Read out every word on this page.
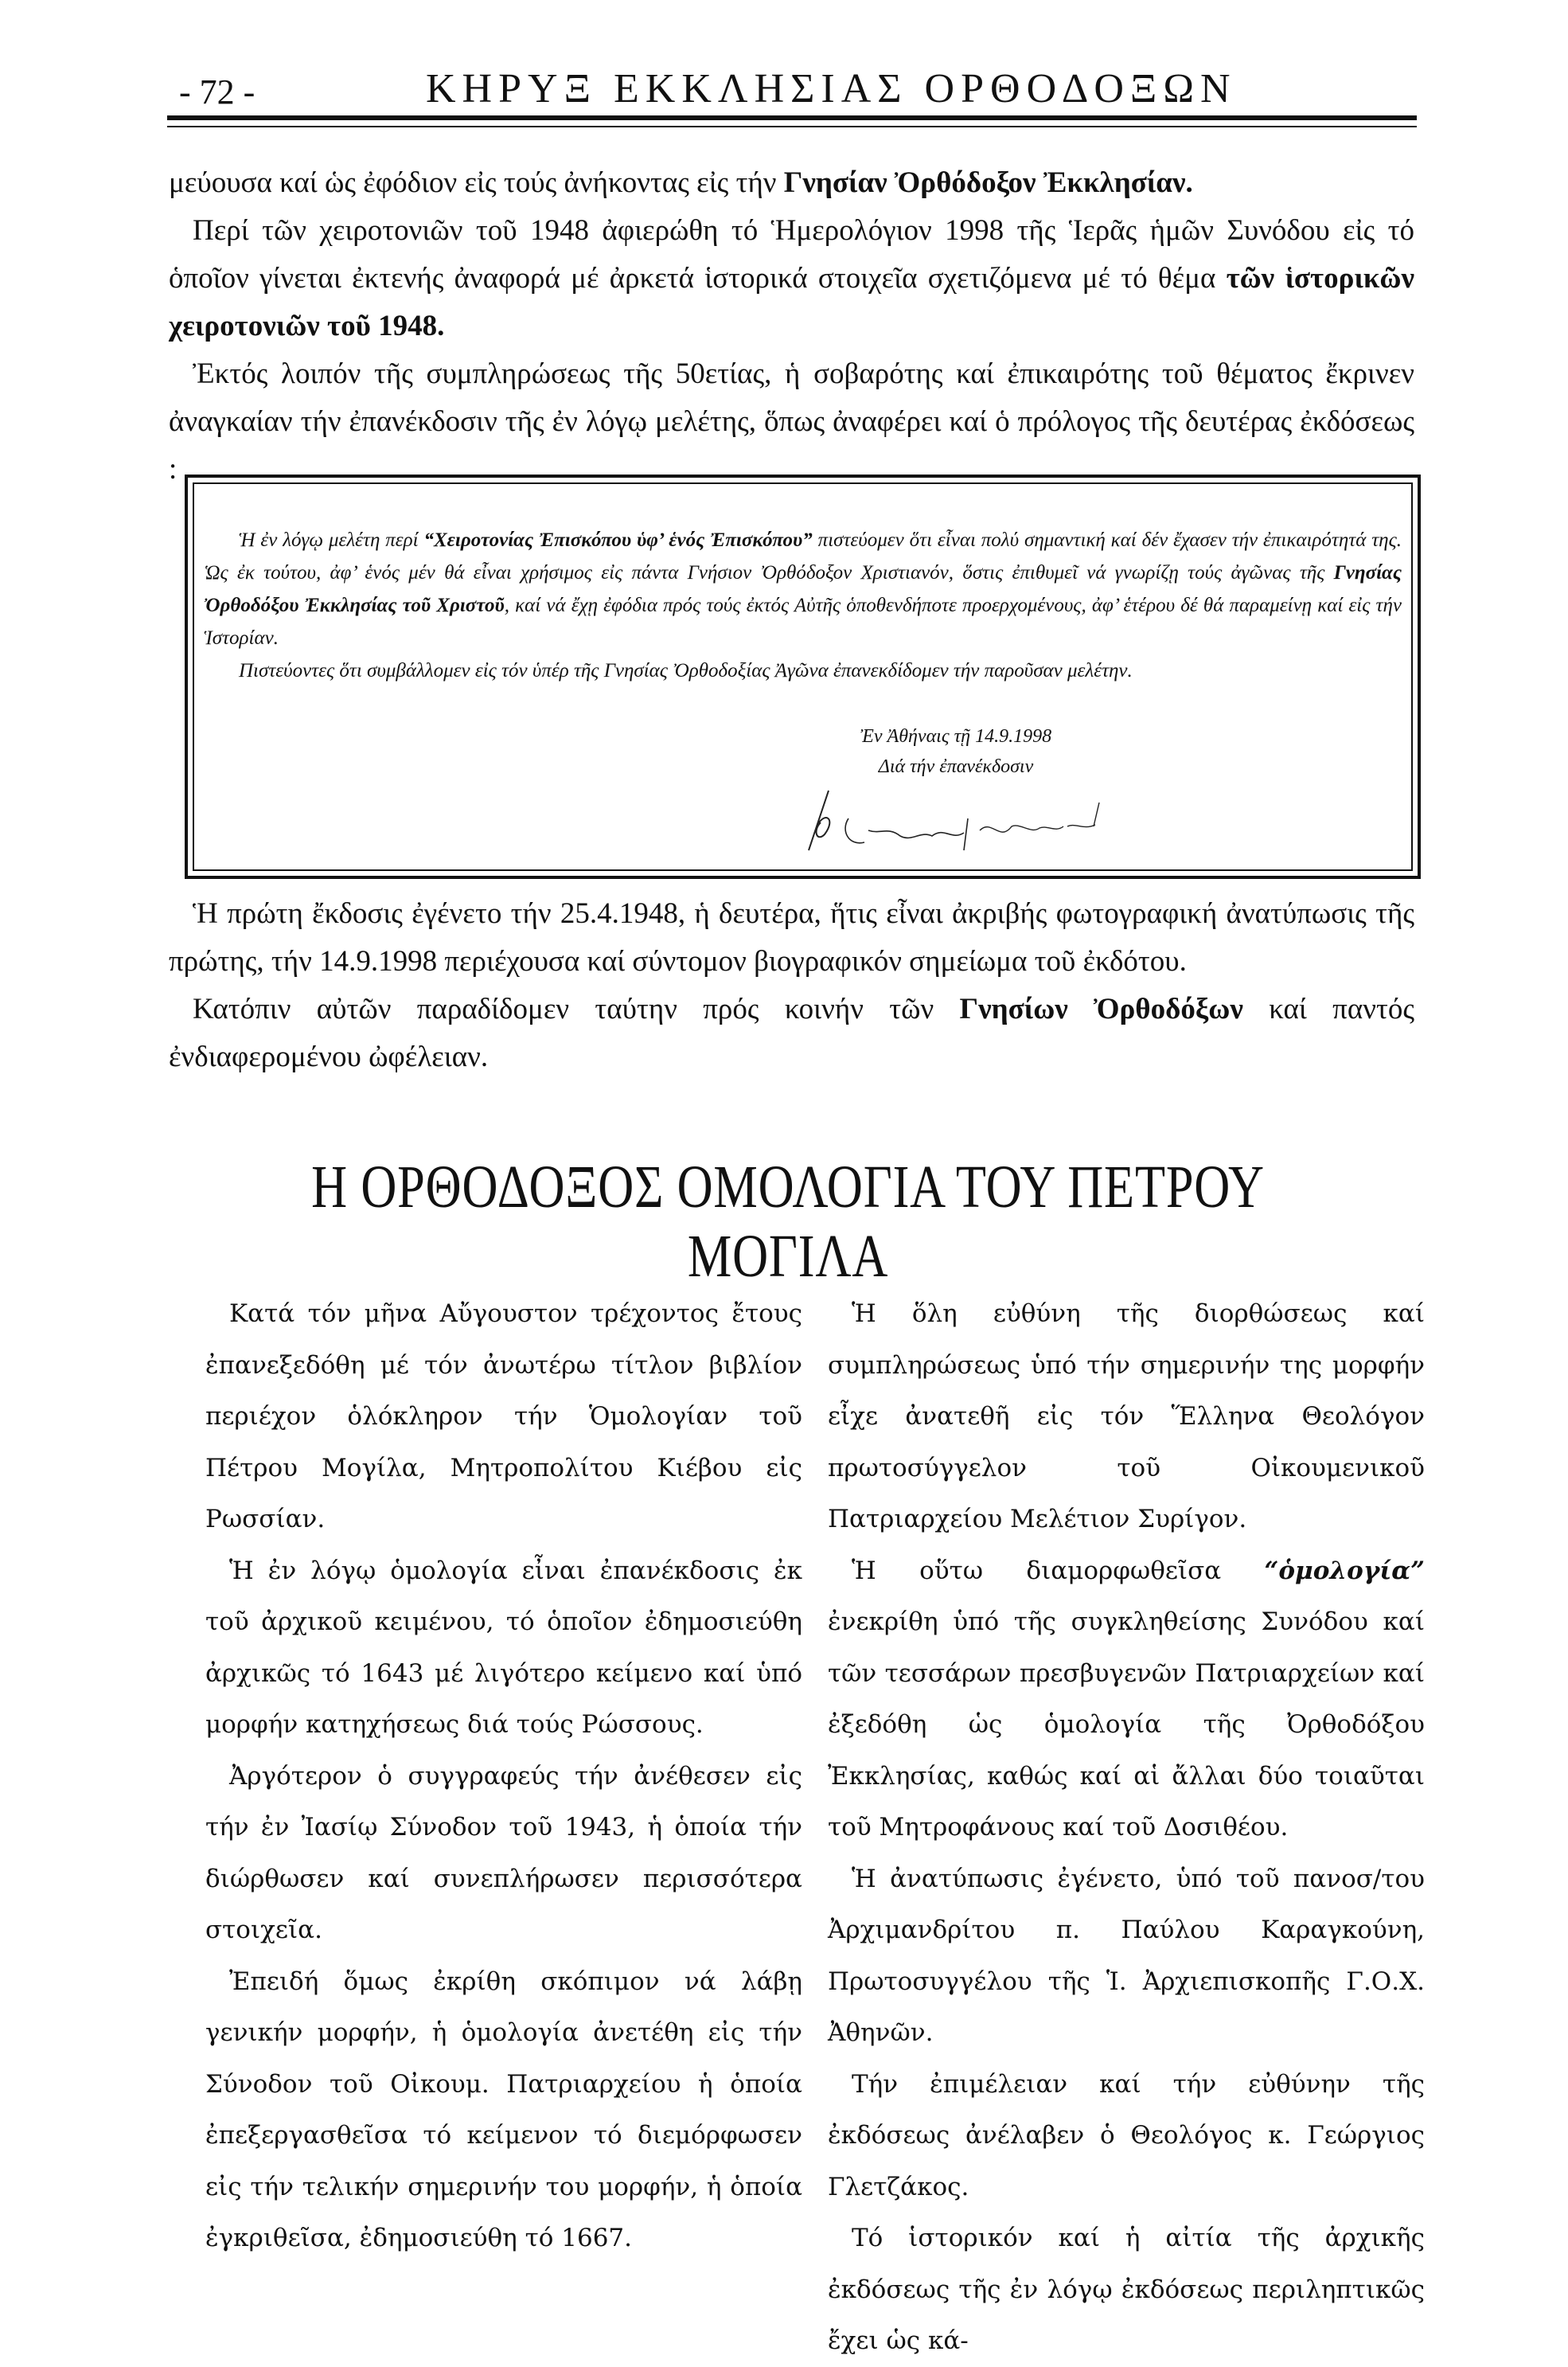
- 72 -	ΚΗΡΥΞ ΕΚΚΛΗΣΙΑΣ ΟΡΘΟΔΟΞΩΝ

μεύουσα καί ὡς ἐφόδιον εἰς τούς ἀνήκοντας εἰς τήν Γνησίαν Ὀρθόδοξον Ἐκκλησίαν.

Περί τῶν χειροτονιῶν τοῦ 1948 ἀφιερώθη τό Ἡμερολόγιον 1998 τῆς Ἱερᾶς ἡμῶν Συνόδου εἰς τό ὁποῖον γίνεται ἐκτενής ἀναφορά μέ ἀρκετά ἱστορικά στοιχεῖα σχετιζόμενα μέ τό θέμα τῶν ἱστορικῶν χειροτονιῶν τοῦ 1948.

Ἐκτός λοιπόν τῆς συμπληρώσεως τῆς 50ετίας, ἡ σοβαρότης καί ἐπικαιρότης τοῦ θέματος ἔκρινεν ἀναγκαίαν τήν ἐπανέκδοσιν τῆς ἐν λόγῳ μελέτης, ὅπως ἀναφέρει καί ὁ πρόλογος τῆς δευτέρας ἐκδόσεως :

Ἡ ἐν λόγῳ μελέτη περί “Χειροτονίας Ἐπισκόπου ὑφ’ ἑνός Ἐπισκόπου” πιστεύομεν ὅτι εἶναι πολύ σημαντική καί δέν ἔχασεν τήν ἐπικαιρότητά της. Ὡς ἐκ τούτου, ἀφ’ ἑνός μέν θά εἶναι χρήσιμος εἰς πάντα Γνήσιον Ὀρθόδοξον Χριστιανόν, ὅστις ἐπιθυμεῖ νά γνωρίζῃ τούς ἀγῶνας τῆς Γνησίας Ὀρθοδόξου Ἐκκλησίας τοῦ Χριστοῦ, καί νά ἔχῃ ἐφόδια πρός τούς ἐκτός Αὐτῆς ὁποθενδήποτε προερχομένους, ἀφ’ ἑτέρου δέ θά παραμείνῃ καί εἰς τήν Ἱστορίαν.

Πιστεύοντες ὅτι συμβάλλομεν εἰς τόν ὑπέρ τῆς Γνησίας Ὀρθοδοξίας Ἀγῶνα ἐπανεκδίδομεν τήν παροῦσαν μελέτην.

Ἐν Ἀθήναις τῇ 14.9.1998
Διά τήν ἐπανέκδοσιν

Ἡ πρώτη ἔκδοσις ἐγένετο τήν 25.4.1948, ἡ δευτέρα, ἥτις εἶναι ἀκριβής φωτογραφική ἀνατύπωσις τῆς πρώτης, τήν 14.9.1998 περιέχουσα καί σύντομον βιογραφικόν σημείωμα τοῦ ἐκδότου.

Κατόπιν αὐτῶν παραδίδομεν ταύτην πρός κοινήν τῶν Γνησίων Ὀρθοδόξων καί παντός ἐνδιαφερομένου ὠφέλειαν.

Η ΟΡΘΟΔΟΞΟΣ ΟΜΟΛΟΓΙΑ ΤΟΥ ΠΕΤΡΟΥ ΜΟΓΙΛΑ

Κατά τόν μῆνα Αὔγουστον τρέχοντος ἔτους ἐπανεξεδόθη μέ τόν ἀνωτέρω τίτλον βιβλίον περιέχον ὁλόκληρον τήν Ὁμολογίαν τοῦ Πέτρου Μογίλα, Μητροπολίτου Κιέβου εἰς Ρωσσίαν.

Ἡ ἐν λόγῳ ὁμολογία εἶναι ἐπανέκδοσις ἐκ τοῦ ἀρχικοῦ κειμένου, τό ὁποῖον ἐδημοσιεύθη ἀρχικῶς τό 1643 μέ λιγότερο κείμενο καί ὑπό μορφήν κατηχήσεως διά τούς Ρώσσους.

Ἀργότερον ὁ συγγραφεύς τήν ἀνέθεσεν εἰς τήν ἐν Ἰασίῳ Σύνοδον τοῦ 1943, ἡ ὁποία τήν διώρθωσεν καί συνεπλήρωσεν περισσότερα στοιχεῖα.

Ἐπειδή ὅμως ἐκρίθη σκόπιμον νά λάβῃ γενικήν μορφήν, ἡ ὁμολογία ἀνετέθη εἰς τήν Σύνοδον τοῦ Οἰκουμ. Πατριαρχείου ἡ ὁποία ἐπεξεργασθεῖσα τό κείμενον τό διεμόρφωσεν εἰς τήν τελικήν σημερινήν του μορφήν, ἡ ὁποία ἐγκριθεῖσα, ἐδημοσιεύθη τό 1667.

Ἡ ὅλη εὐθύνη τῆς διορθώσεως καί συμπληρώσεως ὑπό τήν σημερινήν της μορφήν εἶχε ἀνατεθῆ εἰς τόν Ἕλληνα Θεολόγον πρωτοσύγγελον τοῦ Οἰκουμενικοῦ Πατριαρχείου Μελέτιον Συρίγον.

Ἡ οὕτω διαμορφωθεῖσα “ὁμολογία” ἐνεκρίθη ὑπό τῆς συγκληθείσης Συνόδου καί τῶν τεσσάρων πρεσβυγενῶν Πατριαρχείων καί ἐξεδόθη ὡς ὁμολογία τῆς Ὀρθοδόξου Ἐκκλησίας, καθώς καί αἱ ἄλλαι δύο τοιαῦται τοῦ Μητροφάνους καί τοῦ Δοσιθέου.

Ἡ ἀνατύπωσις ἐγένετο, ὑπό τοῦ πανοσ/του Ἀρχιμανδρίτου π. Παύλου Καραγκούνη, Πρωτοσυγγέλου τῆς Ἱ. Ἀρχιεπισκοπῆς Γ.Ο.Χ. Ἀθηνῶν.

Τήν ἐπιμέλειαν καί τήν εὐθύνην τῆς ἐκδόσεως ἀνέλαβεν ὁ Θεολόγος κ. Γεώργιος Γλετζάκος.

Τό ἱστορικόν καί ἡ αἰτία τῆς ἀρχικῆς ἐκδόσεως τῆς ἐν λόγῳ ἐκδόσεως περιληπτικῶς ἔχει ὡς κά-
